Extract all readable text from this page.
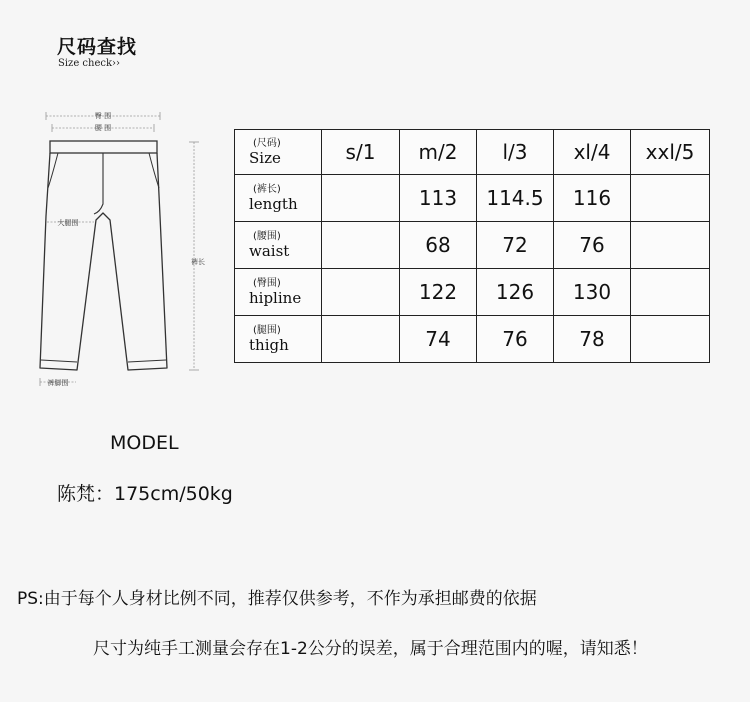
尺码查找
Size check››
臀 围
腰 围
大腿围
裤长
裤脚围
(尺码)
Size	s/1	m/2	l/3	xl/4	xxl/5

(裤长)
length		113	114.5	116	

(腰围)
waist		68	72	76	

(臀围)
hipline		122	126	130	

(腿围)
thigh		74	76	78	
MODEL
陈梵：175cm/50kg
PS:由于每个人身材比例不同，推荐仅供参考，不作为承担邮费的依据
尺寸为纯手工测量会存在1-2公分的误差，属于合理范围内的喔，请知悉！
